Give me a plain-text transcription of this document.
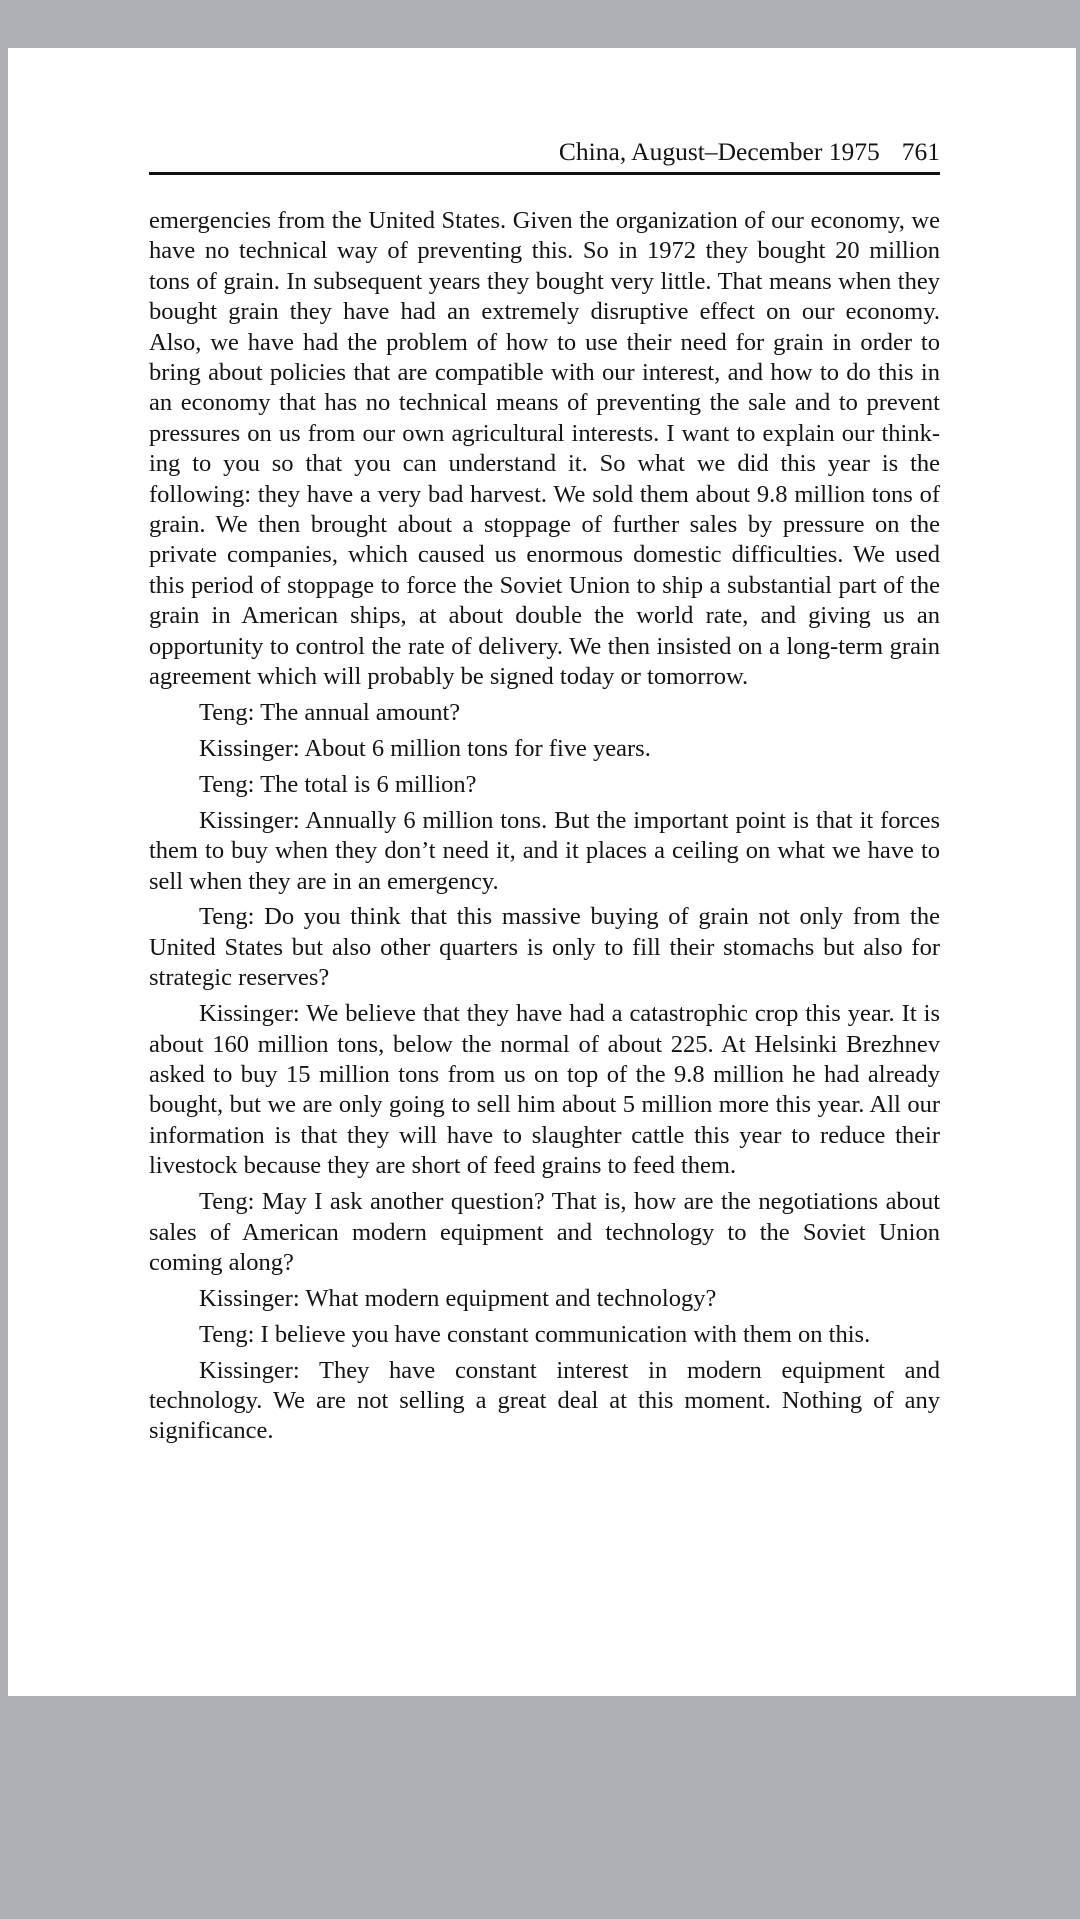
China, August–December 1975 761

emergencies from the United States. Given the organization of our economy, we have no technical way of preventing this. So in 1972 they bought 20 million tons of grain. In subsequent years they bought very little. That means when they bought grain they have had an extremely disruptive effect on our economy. Also, we have had the problem of how to use their need for grain in order to bring about policies that are compatible with our interest, and how to do this in an economy that has no technical means of preventing the sale and to prevent pressures on us from our own agricultural interests. I want to explain our thinking to you so that you can understand it. So what we did this year is the following: they have a very bad harvest. We sold them about 9.8 million tons of grain. We then brought about a stoppage of further sales by pressure on the private companies, which caused us enormous domestic difficulties. We used this period of stoppage to force the Soviet Union to ship a substantial part of the grain in American ships, at about double the world rate, and giving us an opportunity to control the rate of delivery. We then insisted on a long-term grain agreement which will probably be signed today or tomorrow.

Teng: The annual amount?

Kissinger: About 6 million tons for five years.

Teng: The total is 6 million?

Kissinger: Annually 6 million tons. But the important point is that it forces them to buy when they don’t need it, and it places a ceiling on what we have to sell when they are in an emergency.

Teng: Do you think that this massive buying of grain not only from the United States but also other quarters is only to fill their stomachs but also for strategic reserves?

Kissinger: We believe that they have had a catastrophic crop this year. It is about 160 million tons, below the normal of about 225. At Helsinki Brezhnev asked to buy 15 million tons from us on top of the 9.8 million he had already bought, but we are only going to sell him about 5 million more this year. All our information is that they will have to slaughter cattle this year to reduce their livestock because they are short of feed grains to feed them.

Teng: May I ask another question? That is, how are the negotiations about sales of American modern equipment and technology to the Soviet Union coming along?

Kissinger: What modern equipment and technology?

Teng: I believe you have constant communication with them on this.

Kissinger: They have constant interest in modern equipment and technology. We are not selling a great deal at this moment. Nothing of any significance.
